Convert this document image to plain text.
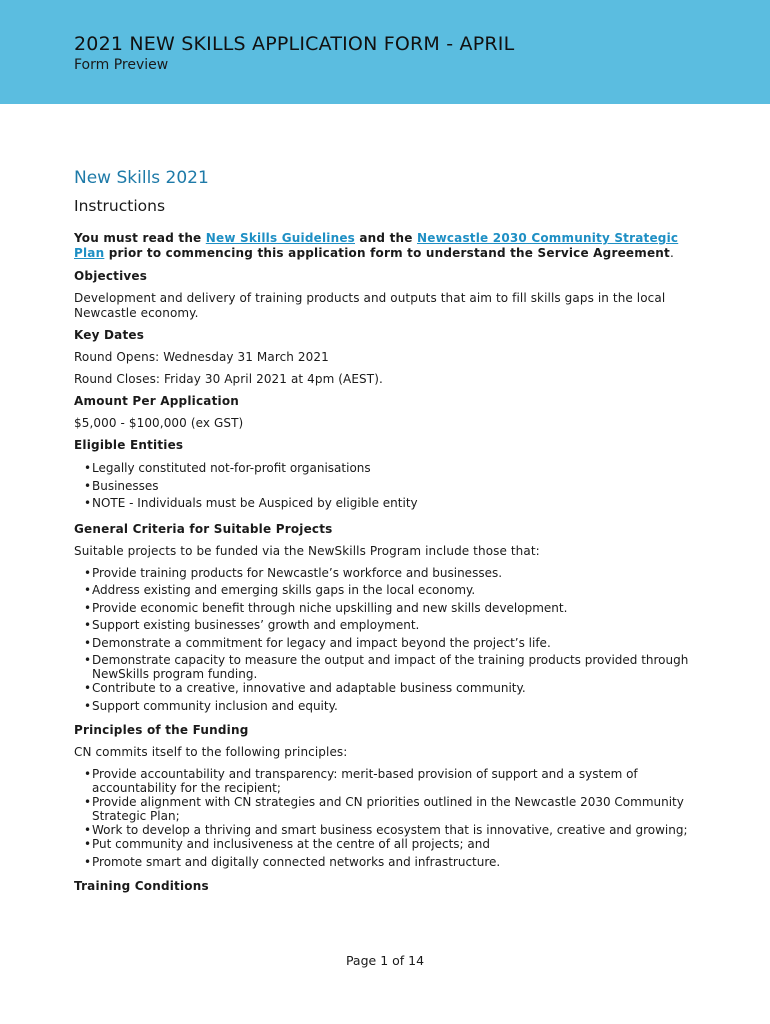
2021 NEW SKILLS APPLICATION FORM - APRIL
Form Preview
New Skills 2021
Instructions

You must read the New Skills Guidelines and the Newcastle 2030 Community Strategic Plan prior to commencing this application form to understand the Service Agreement.

Objectives

Development and delivery of training products and outputs that aim to fill skills gaps in the local Newcastle economy.

Key Dates

Round Opens: Wednesday 31 March 2021

Round Closes: Friday 30 April 2021 at 4pm (AEST).

Amount Per Application

$5,000 - $100,000 (ex GST)

Eligible Entities

• Legally constituted not-for-profit organisations
• Businesses
• NOTE - Individuals must be Auspiced by eligible entity

General Criteria for Suitable Projects

Suitable projects to be funded via the NewSkills Program include those that:

• Provide training products for Newcastle’s workforce and businesses.
• Address existing and emerging skills gaps in the local economy.
• Provide economic benefit through niche upskilling and new skills development.
• Support existing businesses’ growth and employment.
• Demonstrate a commitment for legacy and impact beyond the project’s life.
• Demonstrate capacity to measure the output and impact of the training products provided through NewSkills program funding.
• Contribute to a creative, innovative and adaptable business community.
• Support community inclusion and equity.

Principles of the Funding

CN commits itself to the following principles:

• Provide accountability and transparency: merit-based provision of support and a system of accountability for the recipient;
• Provide alignment with CN strategies and CN priorities outlined in the Newcastle 2030 Community Strategic Plan;
• Work to develop a thriving and smart business ecosystem that is innovative, creative and growing;
• Put community and inclusiveness at the centre of all projects; and
• Promote smart and digitally connected networks and infrastructure.

Training Conditions

Page 1 of 14
